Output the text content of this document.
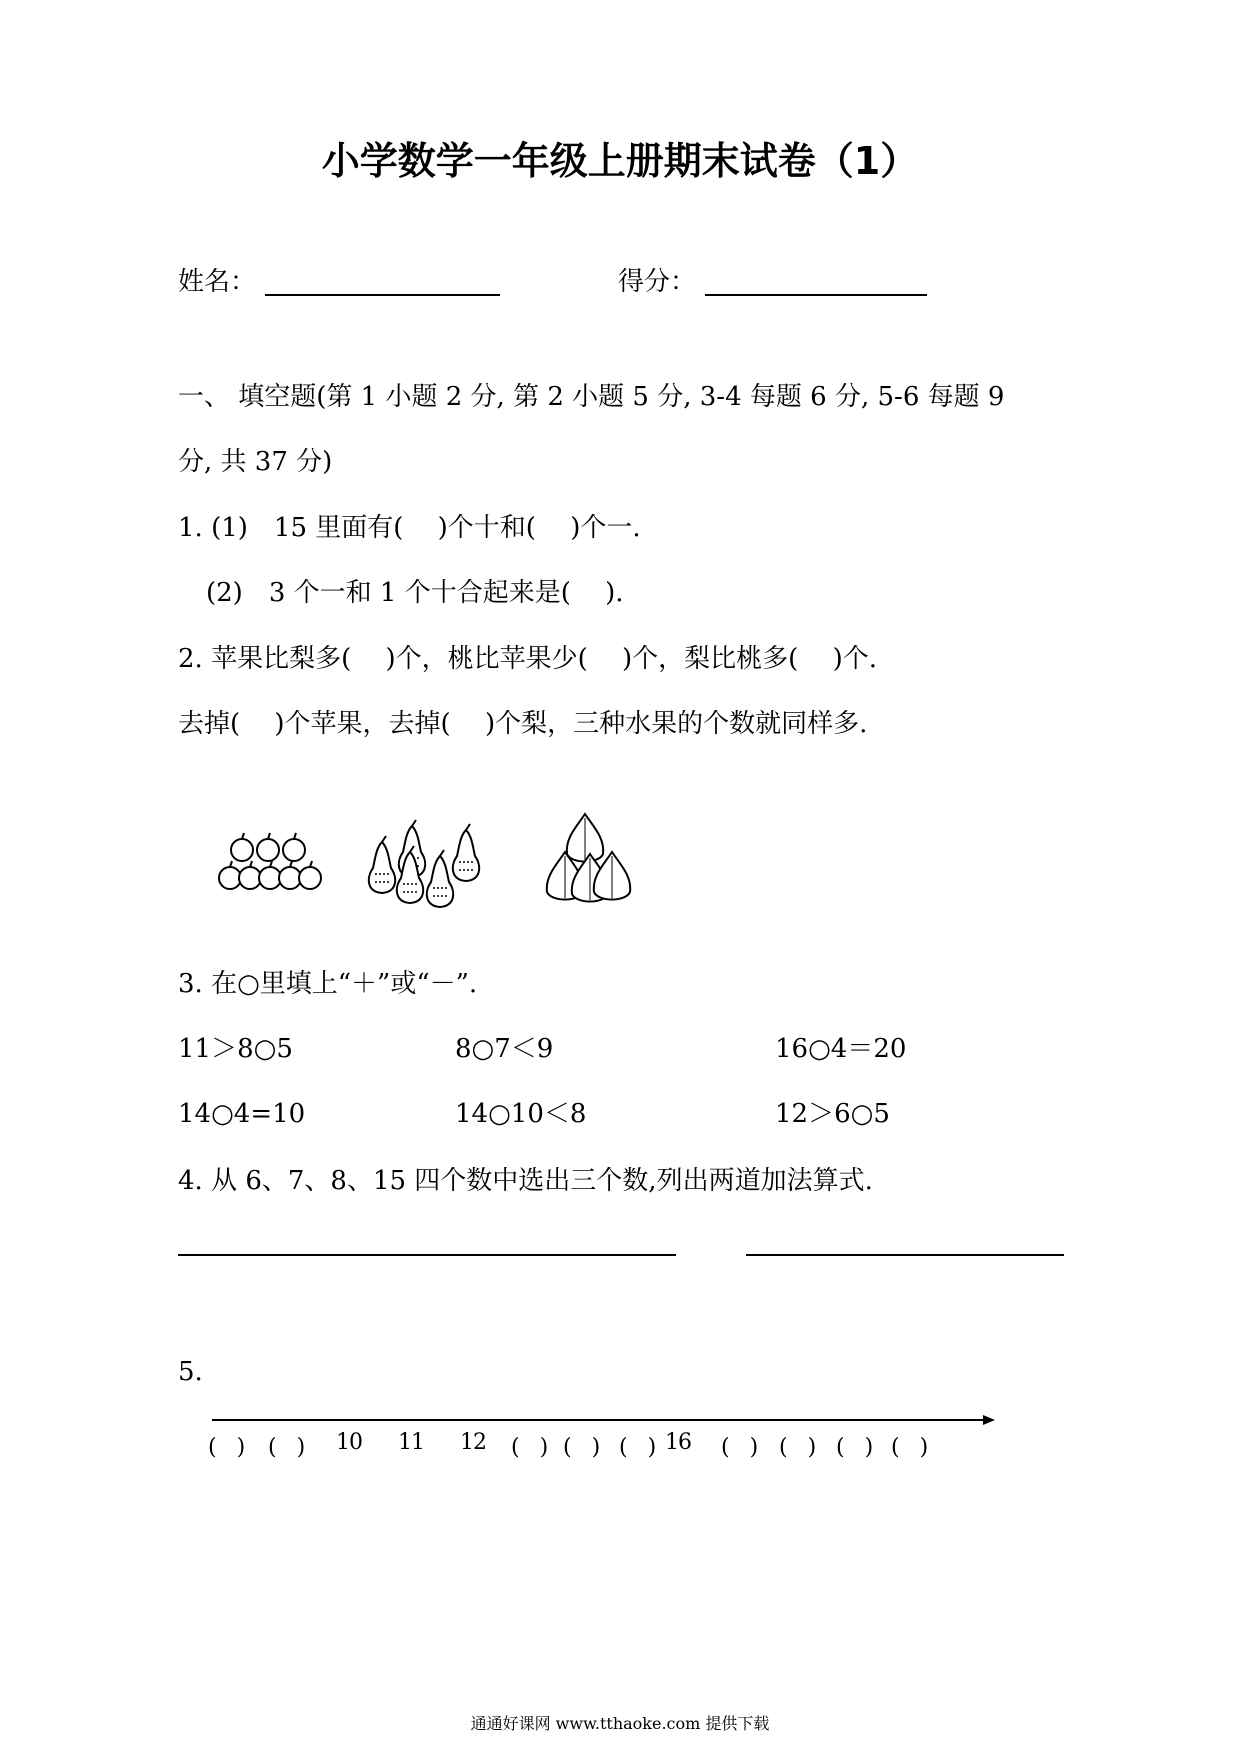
小学数学一年级上册期末试卷（1）
姓名：	得分：
一、 填空题(第 1 小题 2 分, 第 2 小题 5 分, 3-4 每题 6 分, 5-6 每题 9
分, 共 37 分)
1. (1)　15 里面有(　 )个十和(　 )个一.
(2)　3 个一和 1 个十合起来是(　 ).
2. 苹果比梨多(　 )个，桃比苹果少(　 )个，梨比桃多(　 )个.
去掉(　 )个苹果，去掉(　 )个梨，三种水果的个数就同样多.
3. 在○里填上“＋”或“－”.
11＞8○5	8○7＜9	16○4＝20
14○4=10	14○10＜8	12＞6○5
4. 从 6、7、8、15 四个数中选出三个数,列出两道加法算式.
5.
(　) (　) 10 11 12 (　) (　) (　) 16 (　) (　) (　) (　)
通通好课网 www.tthaoke.com 提供下载
